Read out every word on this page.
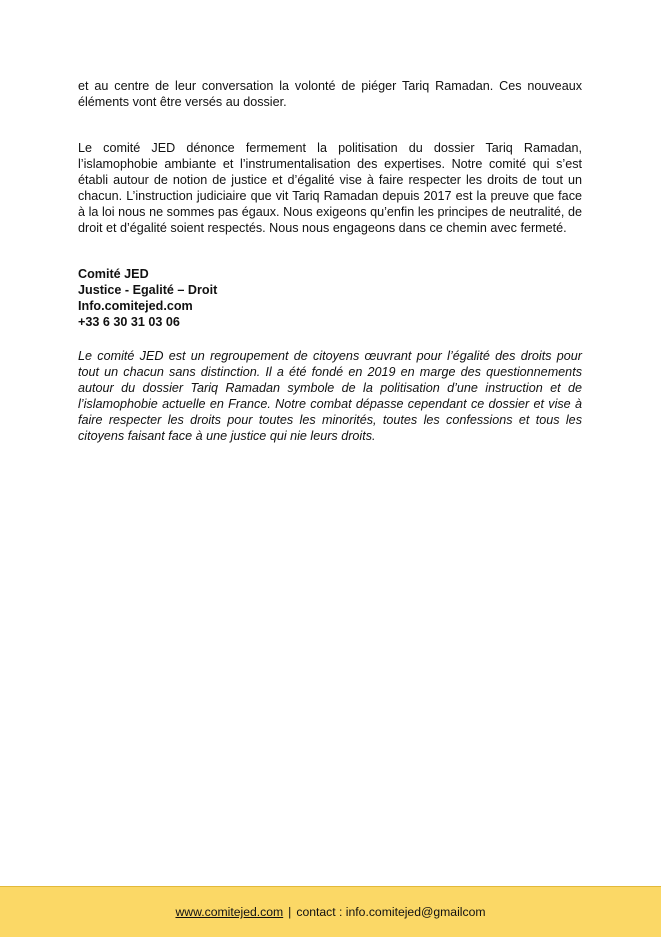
et au centre de leur conversation la volonté de piéger Tariq Ramadan. Ces nouveaux éléments vont être versés au dossier.

Le comité JED dénonce fermement la politisation du dossier Tariq Ramadan, l’islamophobie ambiante et l’instrumentalisation des expertises. Notre comité qui s’est établi autour de notion de justice et d’égalité vise à faire respecter les droits de tout un chacun. L’instruction judiciaire que vit Tariq Ramadan depuis 2017 est la preuve que face à la loi nous ne sommes pas égaux. Nous exigeons qu’enfin les principes de neutralité, de droit et d’égalité soient respectés. Nous nous engageons dans ce chemin avec fermeté.

Comité JED
Justice - Egalité – Droit
Info.comitejed.com
+33 6 30 31 03 06

Le comité JED est un regroupement de citoyens œuvrant pour l’égalité des droits pour tout un chacun sans distinction. Il a été fondé en 2019 en marge des questionnements autour du dossier Tariq Ramadan symbole de la politisation d’une instruction et de l’islamophobie actuelle en France. Notre combat dépasse cependant ce dossier et vise à faire respecter les droits pour toutes les minorités, toutes les confessions et tous les citoyens faisant face à une justice qui nie leurs droits.

www.comitejed.com | contact : info.comitejed@gmailcom
